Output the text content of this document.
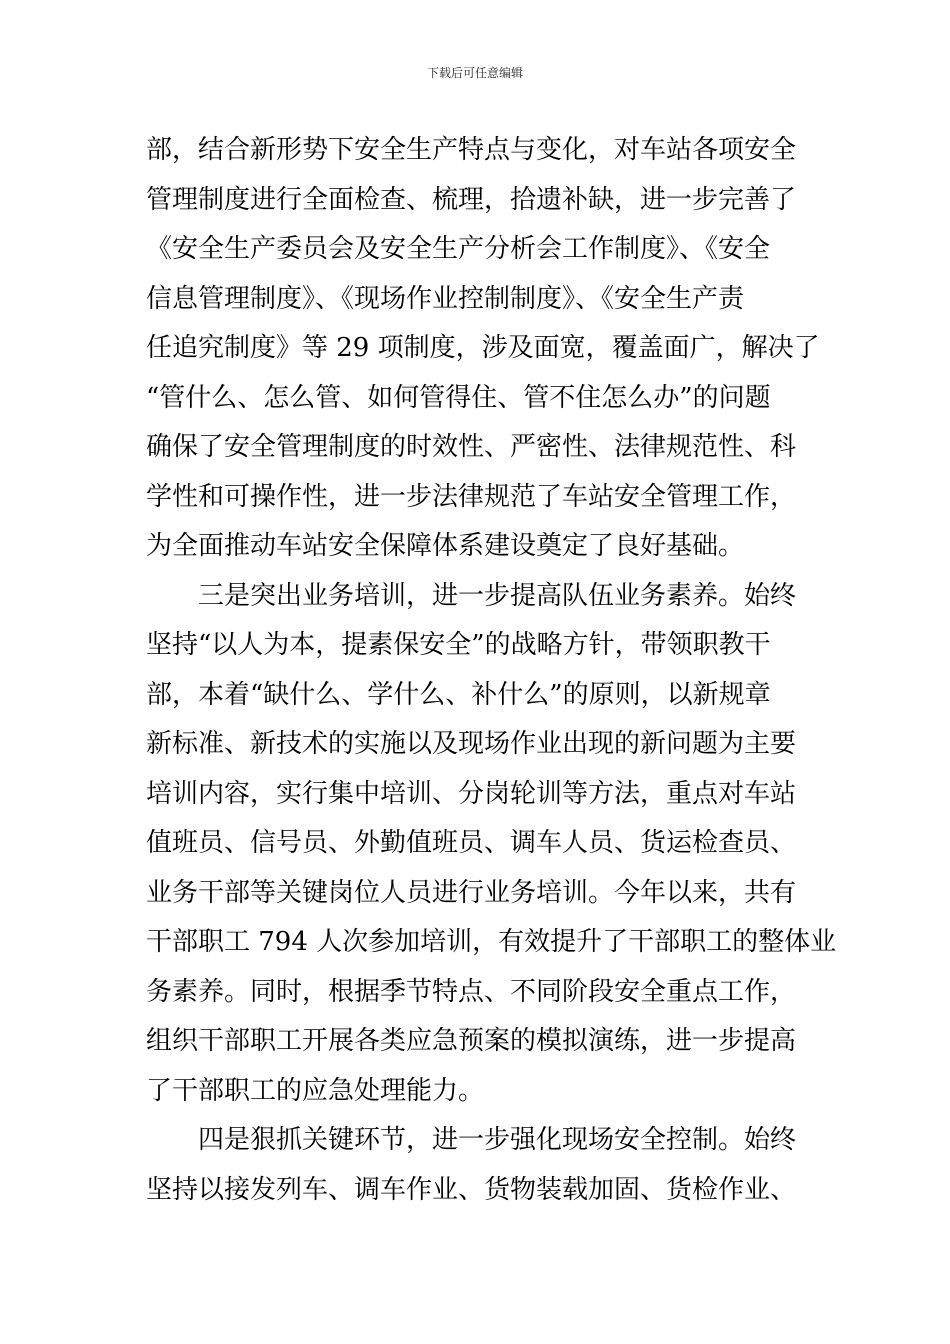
下载后可任意编辑
部，结合新形势下安全生产特点与变化，对车站各项安全
管理制度进行全面检查、梳理，拾遗补缺，进一步完善了
《安全生产委员会及安全生产分析会工作制度》、《安全
信息管理制度》、《现场作业控制制度》、《安全生产责
任追究制度》等 29 项制度，涉及面宽，覆盖面广，解决了
“管什么、怎么管、如何管得住、管不住怎么办”的问题
确保了安全管理制度的时效性、严密性、法律规范性、科
学性和可操作性，进一步法律规范了车站安全管理工作，
为全面推动车站安全保障体系建设奠定了良好基础。
三是突出业务培训，进一步提高队伍业务素养。始终
坚持“以人为本，提素保安全”的战略方针，带领职教干
部，本着“缺什么、学什么、补什么”的原则，以新规章
新标准、新技术的实施以及现场作业出现的新问题为主要
培训内容，实行集中培训、分岗轮训等方法，重点对车站
值班员、信号员、外勤值班员、调车人员、货运检查员、
业务干部等关键岗位人员进行业务培训。今年以来，共有
干部职工 794 人次参加培训，有效提升了干部职工的整体业
务素养。同时，根据季节特点、不同阶段安全重点工作，
组织干部职工开展各类应急预案的模拟演练，进一步提高
了干部职工的应急处理能力。
四是狠抓关键环节，进一步强化现场安全控制。始终
坚持以接发列车、调车作业、货物装载加固、货检作业、
